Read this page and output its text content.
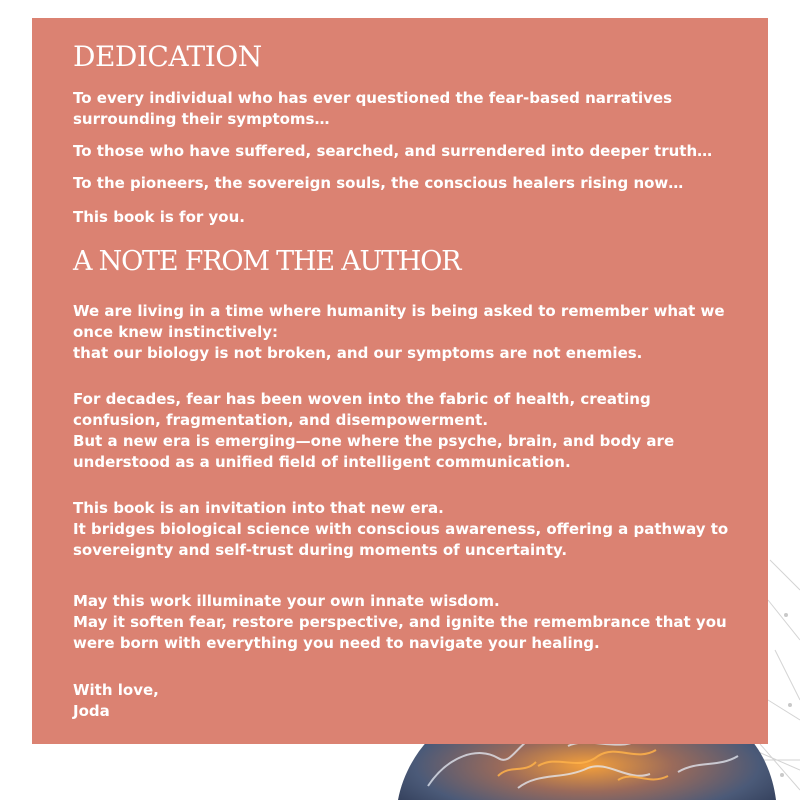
DEDICATION

To every individual who has ever questioned the fear-based narratives
surrounding their symptoms…

To those who have suffered, searched, and surrendered into deeper truth…

To the pioneers, the sovereign souls, the conscious healers rising now…

This book is for you.

A NOTE FROM THE AUTHOR

We are living in a time where humanity is being asked to remember what we
once knew instinctively:
that our biology is not broken, and our symptoms are not enemies.

For decades, fear has been woven into the fabric of health, creating
confusion, fragmentation, and disempowerment.
But a new era is emerging—one where the psyche, brain, and body are
understood as a unified field of intelligent communication.

This book is an invitation into that new era.
It bridges biological science with conscious awareness, offering a pathway to
sovereignty and self-trust during moments of uncertainty.

May this work illuminate your own innate wisdom.
May it soften fear, restore perspective, and ignite the remembrance that you
were born with everything you need to navigate your healing.

With love,
Joda
